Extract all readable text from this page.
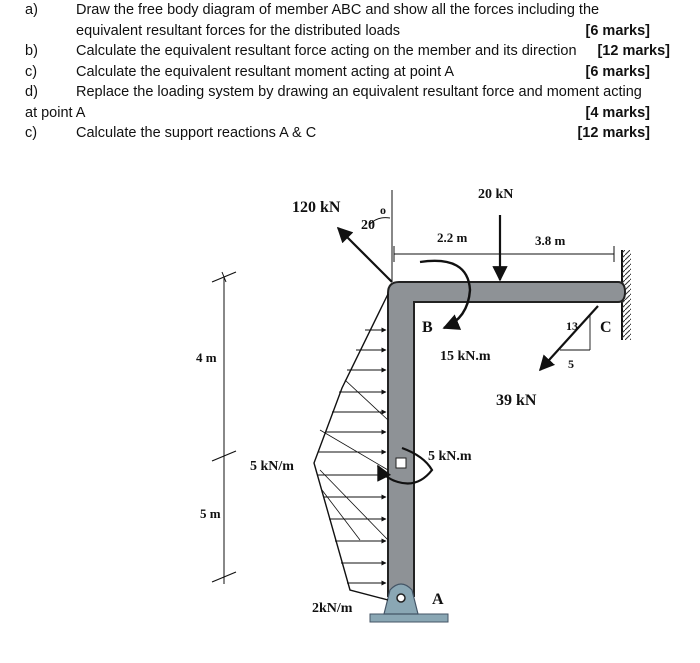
a)	Draw the free body diagram of member ABC and show all the forces including the
equivalent resultant forces for the distributed loads	[6 marks]
b)	Calculate the equivalent resultant force acting on the member and its direction [12 marks]
c)	Calculate the equivalent resultant moment acting at point A	[6 marks]
d)	Replace the loading system by drawing an equivalent resultant force and moment acting
at point A	[4 marks]
c)	Calculate the support reactions A & C	[12 marks]
4 m
5 m
120 kN
20
o
20 kN
2.2 m	3.8 m
B
15 kN.m
13
5
39 kN
C
5 kN.m
5 kN/m
2kN/m
A
